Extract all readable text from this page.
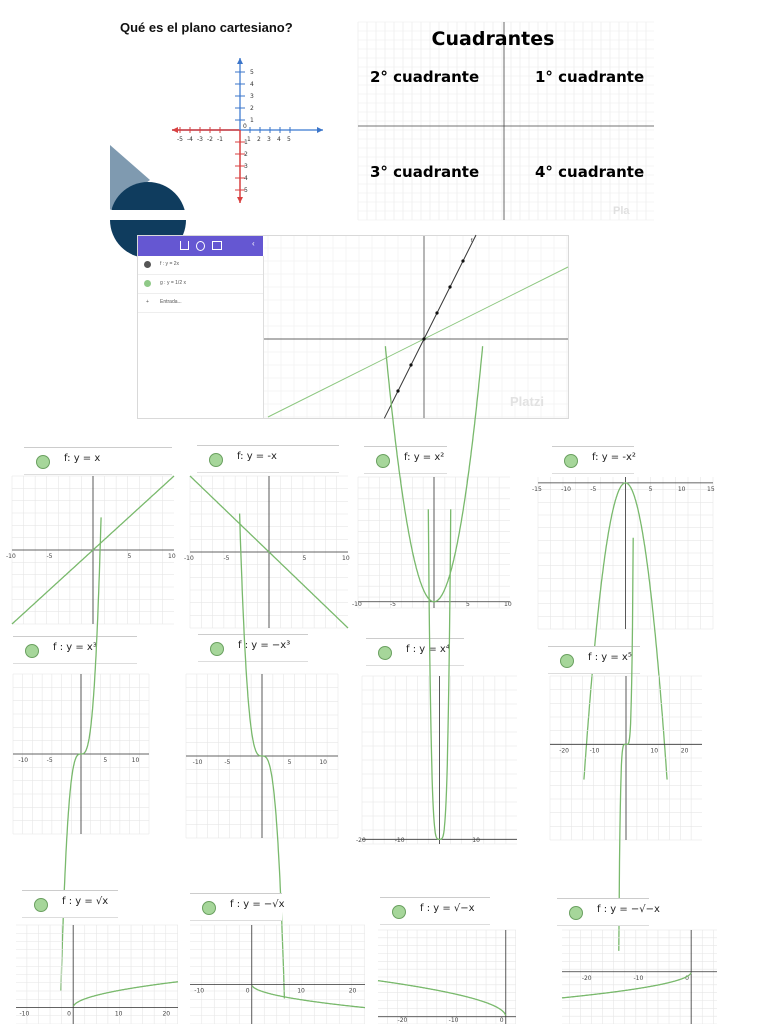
Qué es el plano cartesiano?
-5 -4 -3 -2 -1	1 2 3 4 5
5
4
3
2
1
1
2
3
4
5
0
Cuadrantes
2° cuadrante	1° cuadrante
3° cuadrante	4° cuadrante
Pla
‹
f : y = 2x
g : y = 1/2 x
+ Entrada...
f
Platzi
f: y = x
-10	-5	5	10
f: y = -x
-10	-5	5	10
f: y = x²
-10	-5	5	10
f: y = -x²
-15	-10	-5	5	10	15
f : y = x³
-10	-5	5	10
f : y = −x³
-10	-5	5	10
f : y = x⁴
-20	-10	10
f : y = x⁵
-20	-10	10	20
f : y = √x
-10	0	10	20
f : y = −√x
-10	0	10	20
f : y = √−x
-20	-10	0
f : y = −√−x
-20	-10	0
